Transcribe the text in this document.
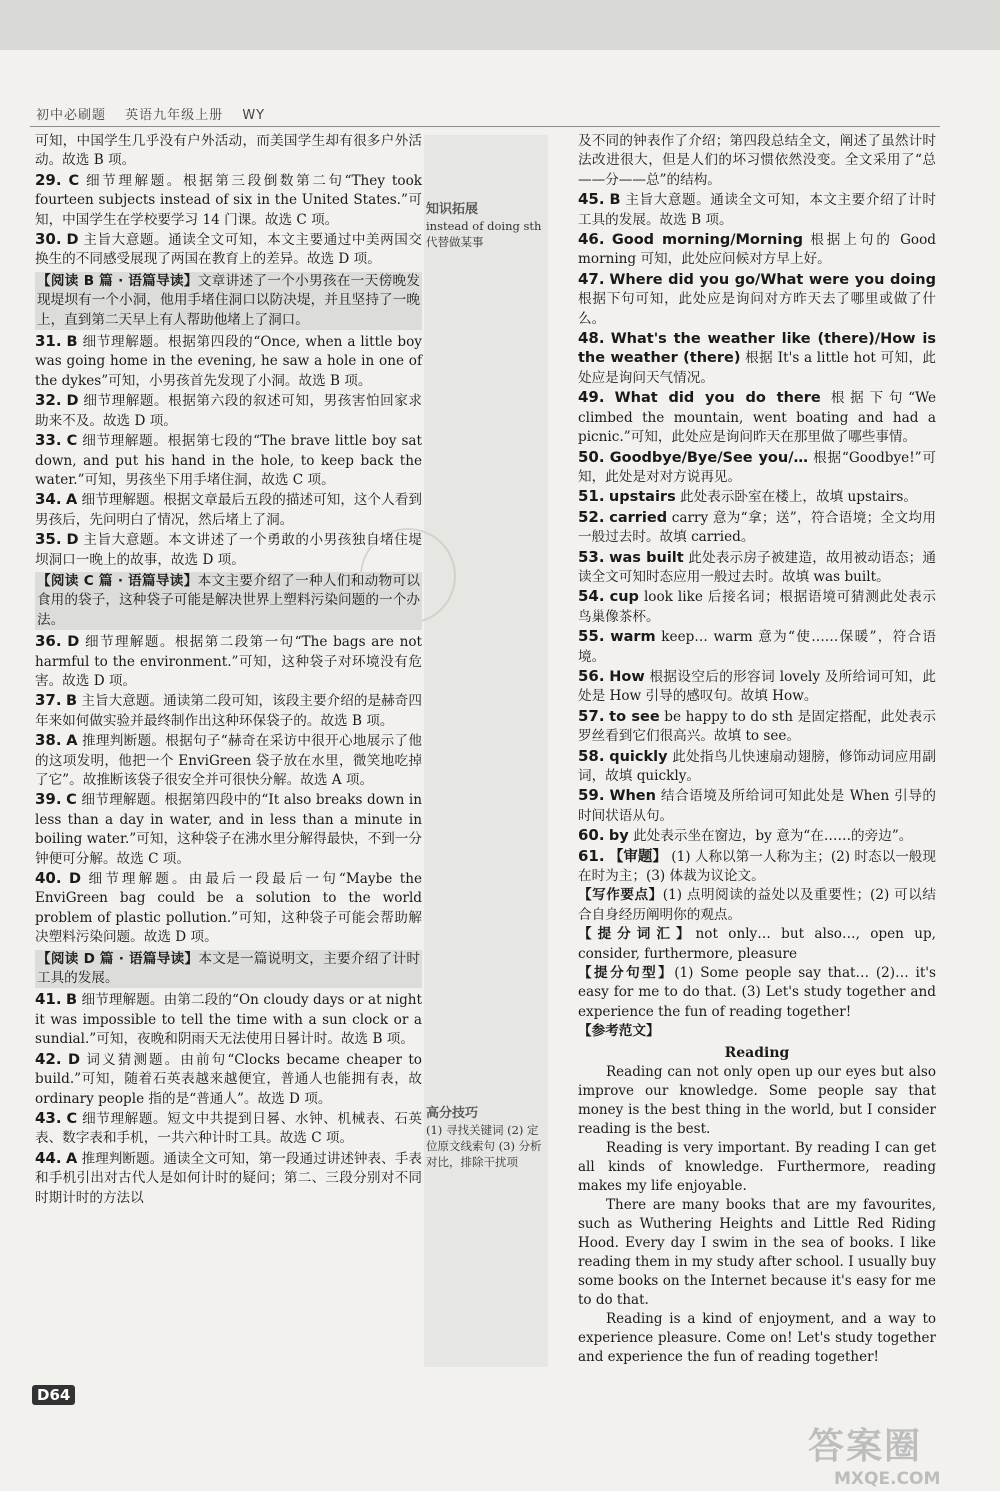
初中必刷题 英语九年级上册 WY

可知，中国学生几乎没有户外活动，而美国学生却有很多户外活动。故选 B 项。

29. C 细节理解题。根据第三段倒数第二句“They took fourteen subjects instead of six in the United States.”可知，中国学生在学校要学习 14 门课。故选 C 项。

30. D 主旨大意题。通读全文可知，本文主要通过中美两国交换生的不同感受展现了两国在教育上的差异。故选 D 项。

【阅读 B 篇 · 语篇导读】文章讲述了一个小男孩在一天傍晚发现堤坝有一个小洞，他用手堵住洞口以防决堤，并且坚持了一晚上，直到第二天早上有人帮助他堵上了洞口。

31. B 细节理解题。根据第四段的“Once, when a little boy was going home in the evening, he saw a hole in one of the dykes”可知，小男孩首先发现了小洞。故选 B 项。

32. D 细节理解题。根据第六段的叙述可知，男孩害怕回家求助来不及。故选 D 项。

33. C 细节理解题。根据第七段的“The brave little boy sat down, and put his hand in the hole, to keep back the water.”可知，男孩坐下用手堵住洞，故选 C 项。

34. A 细节理解题。根据文章最后五段的描述可知，这个人看到男孩后，先问明白了情况，然后堵上了洞。

35. D 主旨大意题。本文讲述了一个勇敢的小男孩独自堵住堤坝洞口一晚上的故事，故选 D 项。

【阅读 C 篇 · 语篇导读】本文主要介绍了一种人们和动物可以食用的袋子，这种袋子可能是解决世界上塑料污染问题的一个办法。

36. D 细节理解题。根据第二段第一句“The bags are not harmful to the environment.”可知，这种袋子对环境没有危害。故选 D 项。

37. B 主旨大意题。通读第二段可知，该段主要介绍的是赫奇四年来如何做实验并最终制作出这种环保袋子的。故选 B 项。

38. A 推理判断题。根据句子“赫奇在采访中很开心地展示了他的这项发明，他把一个 EnviGreen 袋子放在水里，微笑地吃掉了它”。故推断该袋子很安全并可很快分解。故选 A 项。

39. C 细节理解题。根据第四段中的“It also breaks down in less than a day in water, and in less than a minute in boiling water.”可知，这种袋子在沸水里分解得最快，不到一分钟便可分解。故选 C 项。

40. D 细节理解题。由最后一段最后一句“Maybe the EnviGreen bag could be a solution to the world problem of plastic pollution.”可知，这种袋子可能会帮助解决塑料污染问题。故选 D 项。

【阅读 D 篇 · 语篇导读】本文是一篇说明文，主要介绍了计时工具的发展。

41. B 细节理解题。由第二段的“On cloudy days or at night it was impossible to tell the time with a sun clock or a sundial.”可知，夜晚和阴雨天无法使用日晷计时。故选 B 项。

42. D 词义猜测题。由前句“Clocks became cheaper to build.”可知，随着石英表越来越便宜，普通人也能拥有表，故 ordinary people 指的是“普通人”。故选 D 项。

43. C 细节理解题。短文中共提到日晷、水钟、机械表、石英表、数字表和手机，一共六种计时工具。故选 C 项。

44. A 推理判断题。通读全文可知，第一段通过讲述钟表、手表和手机引出对古代人是如何计时的疑问；第二、三段分别对不同时期计时的方法以

及不同的钟表作了介绍；第四段总结全文，阐述了虽然计时法改进很大，但是人们的坏习惯依然没变。全文采用了“总——分——总”的结构。

45. B 主旨大意题。通读全文可知，本文主要介绍了计时工具的发展。故选 B 项。

46. Good morning/Morning 根据上句的 Good morning 可知，此处应问候对方早上好。

47. Where did you go/What were you doing 根据下句可知，此处应是询问对方昨天去了哪里或做了什么。

48. What's the weather like (there)/How is the weather (there) 根据 It's a little hot 可知，此处应是询问天气情况。

49. What did you do there 根据下句“We climbed the mountain, went boating and had a picnic.”可知，此处应是询问昨天在那里做了哪些事情。

50. Goodbye/Bye/See you/… 根据“Goodbye!”可知，此处是对对方说再见。

51. upstairs 此处表示卧室在楼上，故填 upstairs。

52. carried carry 意为“拿；送”，符合语境；全文均用一般过去时。故填 carried。

53. was built 此处表示房子被建造，故用被动语态；通读全文可知时态应用一般过去时。故填 was built。

54. cup look like 后接名词；根据语境可猜测此处表示鸟巢像茶杯。

55. warm keep… warm 意为“使……保暖”，符合语境。

56. How 根据设空后的形容词 lovely 及所给词可知，此处是 How 引导的感叹句。故填 How。

57. to see be happy to do sth 是固定搭配，此处表示罗丝看到它们很高兴。故填 to see。

58. quickly 此处指鸟儿快速扇动翅膀，修饰动词应用副词，故填 quickly。

59. When 结合语境及所给词可知此处是 When 引导的时间状语从句。

60. by 此处表示坐在窗边，by 意为“在……的旁边”。

61. 【审题】 (1) 人称以第一人称为主；(2) 时态以一般现在时为主；(3) 体裁为议论文。

【写作要点】(1) 点明阅读的益处以及重要性；(2) 可以结合自身经历阐明你的观点。

【提分词汇】not only… but also…, open up, consider, furthermore, pleasure

【提分句型】(1) Some people say that… (2)… it's easy for me to do that. (3) Let's study together and experience the fun of reading together!

【参考范文】

Reading

Reading can not only open up our eyes but also improve our knowledge. Some people say that money is the best thing in the world, but I consider reading is the best.

Reading is very important. By reading I can get all kinds of knowledge. Furthermore, reading makes my life enjoyable.

There are many books that are my favourites, such as Wuthering Heights and Little Red Riding Hood. Every day I swim in the sea of books. I like reading them in my study after school. I usually buy some books on the Internet because it's easy for me to do that.

Reading is a kind of enjoyment, and a way to experience pleasure. Come on! Let's study together and experience the fun of reading together!

知识拓展
instead of doing sth 代替做某事
高分技巧
(1) 寻找关键词 (2) 定位原文线索句 (3) 分析对比，排除干扰项
D64
答案圈
MXQE.COM
